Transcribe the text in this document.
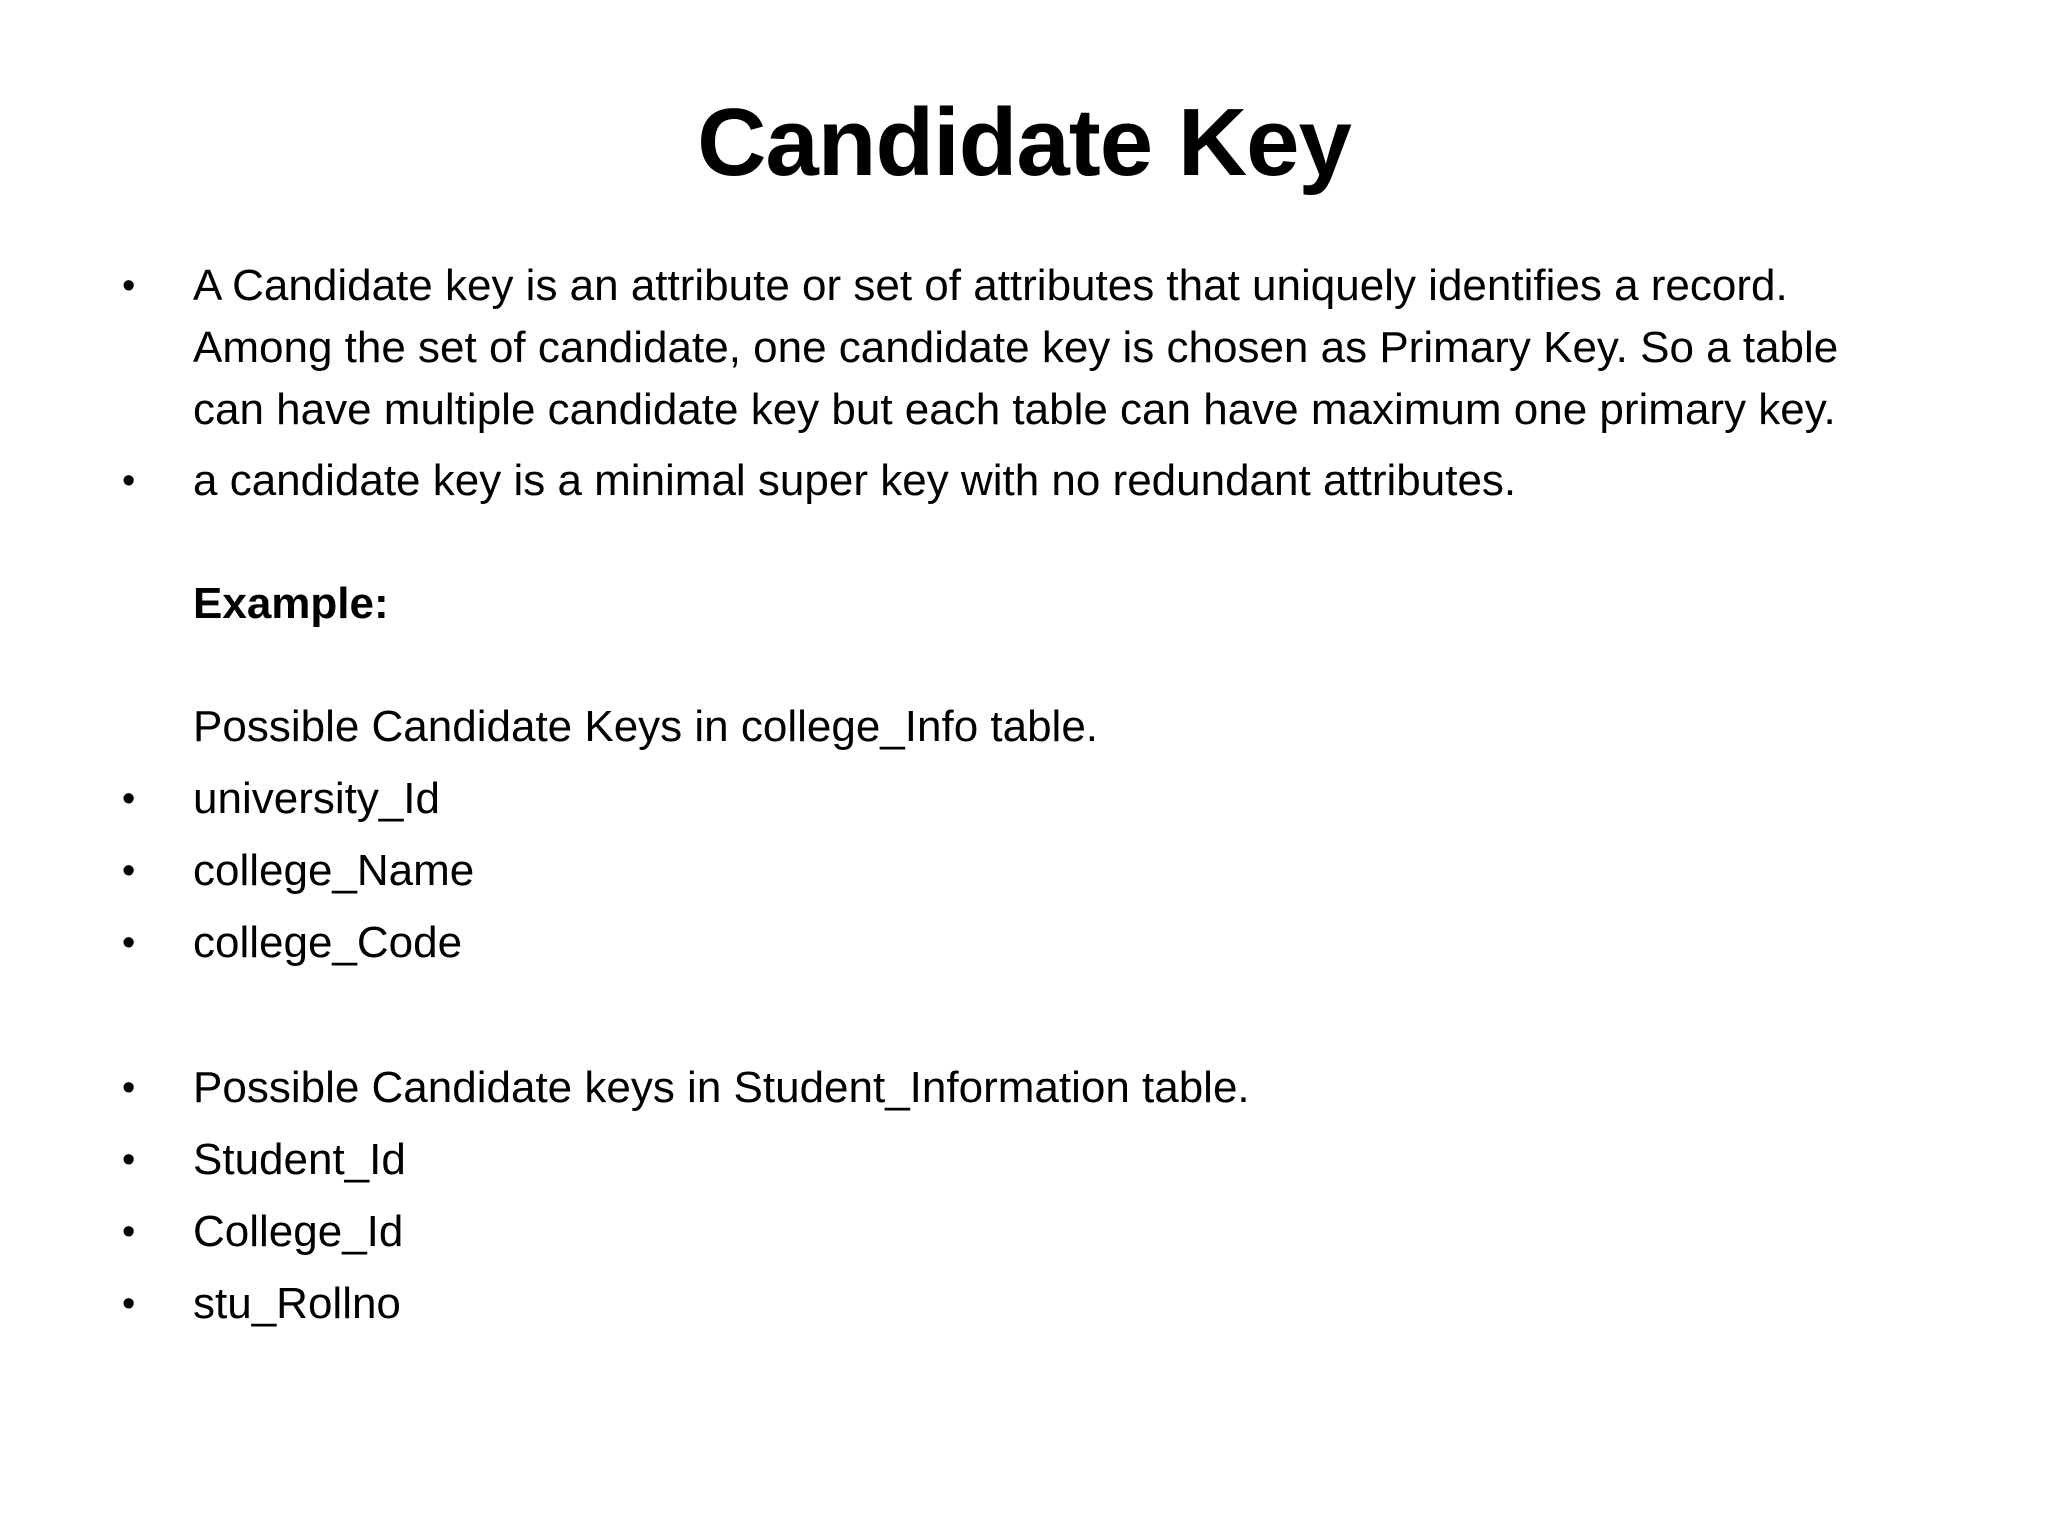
Candidate Key
• A Candidate key is an attribute or set of attributes that uniquely identifies a record.
Among the set of candidate, one candidate key is chosen as Primary Key. So a table
can have multiple candidate key but each table can have maximum one primary key.
• a candidate key is a minimal super key with no redundant attributes.
Example:
Possible Candidate Keys in college_Info table.
• university_Id
• college_Name
• college_Code
• Possible Candidate keys in Student_Information table.
• Student_Id
• College_Id
• stu_Rollno
